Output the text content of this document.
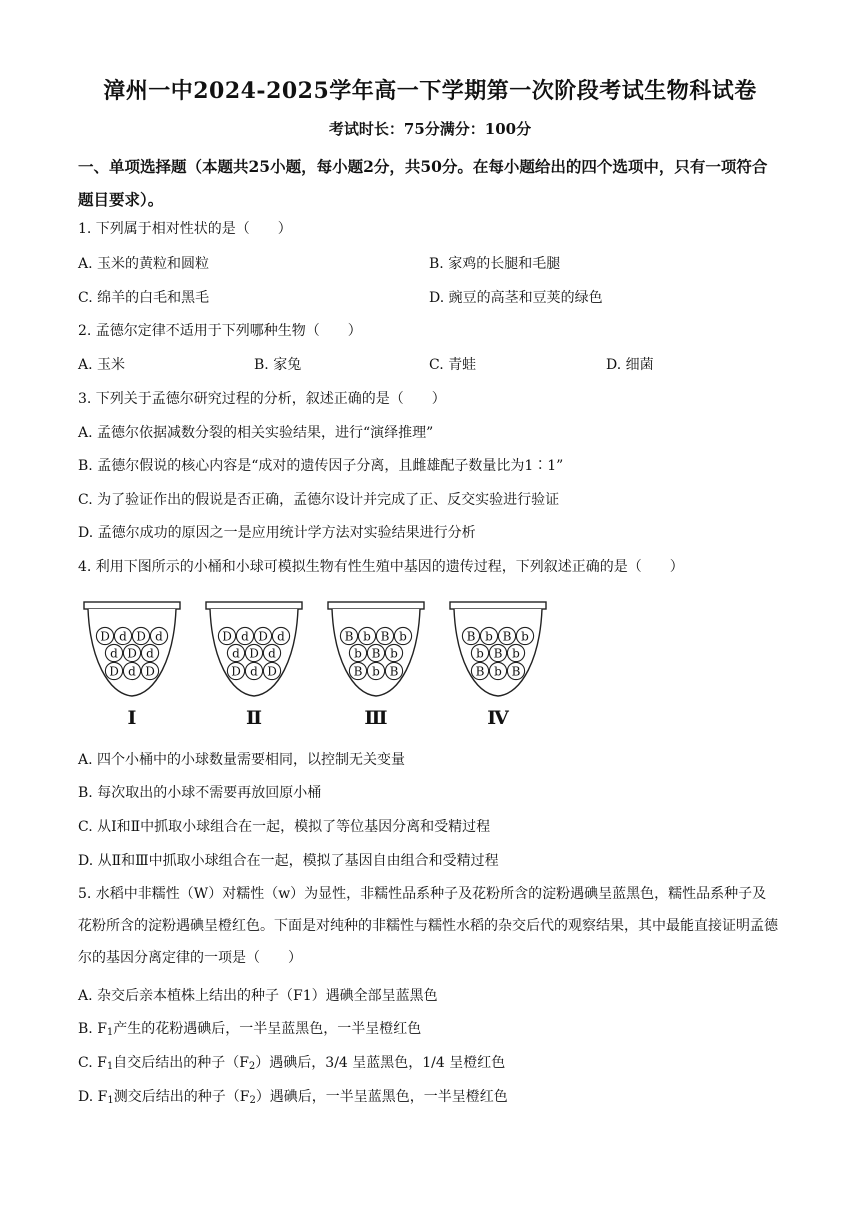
漳州一中2024-2025学年高一下学期第一次阶段考试生物科试卷
考试时长：75分满分：100分
一、单项选择题（本题共25小题，每小题2分，共50分。在每小题给出的四个选项中，只有一项符合题目要求）。
1. 下列属于相对性状的是（　　）
A. 玉米的黄粒和圆粒	B. 家鸡的长腿和毛腿
C. 绵羊的白毛和黑毛	D. 豌豆的高茎和豆荚的绿色
2. 孟德尔定律不适用于下列哪种生物（　　）
A. 玉米	B. 家兔	C. 青蛙	D. 细菌
3. 下列关于孟德尔研究过程的分析，叙述正确的是（　　）
A. 孟德尔依据减数分裂的相关实验结果，进行“演绎推理”
B. 孟德尔假说的核心内容是“成对的遗传因子分离，且雌雄配子数量比为1∶1”
C. 为了验证作出的假说是否正确，孟德尔设计并完成了正、反交实验进行验证
D. 孟德尔成功的原因之一是应用统计学方法对实验结果进行分析
4. 利用下图所示的小桶和小球可模拟生物有性生殖中基因的遗传过程，下列叙述正确的是（　　）
D d D d
d D d
D d D
Ⅰ
D d D d
d D d
D d D
Ⅱ
B b B b
b B b
B b B
Ⅲ
B b B b
b B b
B b B
Ⅳ
A. 四个小桶中的小球数量需要相同，以控制无关变量
B. 每次取出的小球不需要再放回原小桶
C. 从Ⅰ和Ⅱ中抓取小球组合在一起，模拟了等位基因分离和受精过程
D. 从Ⅱ和Ⅲ中抓取小球组合在一起，模拟了基因自由组合和受精过程
5. 水稻中非糯性（W）对糯性（w）为显性，非糯性品系种子及花粉所含的淀粉遇碘呈蓝黑色，糯性品系种子及花粉所含的淀粉遇碘呈橙红色。下面是对纯种的非糯性与糯性水稻的杂交后代的观察结果，其中最能直接证明孟德尔的基因分离定律的一项是（　　）
A. 杂交后亲本植株上结出的种子（F1）遇碘全部呈蓝黑色
B. $F_1$产生的花粉遇碘后，一半呈蓝黑色，一半呈橙红色
C. $F_1$自交后结出的种子$(F_2)$遇碘后，3/4 呈蓝黑色，1/4 呈橙红色
D. $F_1$测交后结出的种子$(F_2)$遇碘后，一半呈蓝黑色，一半呈橙红色
